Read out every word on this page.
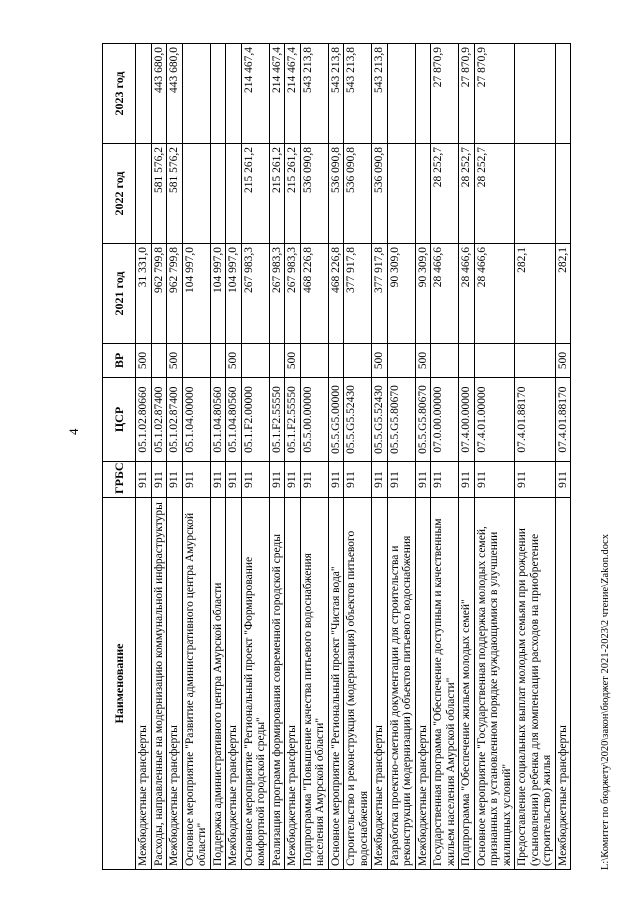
4
Наименование	ГРБС	ЦСР	ВР	2021 год	2022 год	2023 год
Межбюджетные трансферты	911	05.1.02.80660	500	31 331,0		
Расходы, направленные на модернизацию коммунальной инфраструктуры	911	05.1.02.87400		962 799,8	581 576,2	443 680,0
Межбюджетные трансферты	911	05.1.02.87400	500	962 799,8	581 576,2	443 680,0
Основное мероприятие "Развитие административного центра Амурской области"	911	05.1.04.00000		104 997,0		
Поддержка административного центра Амурской области	911	05.1.04.80560		104 997,0		
Межбюджетные трансферты	911	05.1.04.80560	500	104 997,0		
Основное мероприятие "Региональный проект "Формирование комфортной городской среды"	911	05.1.F2.00000		267 983,3	215 261,2	214 467,4
Реализация программ формирования современной городской среды	911	05.1.F2.55550		267 983,3	215 261,2	214 467,4
Межбюджетные трансферты	911	05.1.F2.55550	500	267 983,3	215 261,2	214 467,4
Подпрограмма "Повышение качества питьевого водоснабжения населения Амурской области"	911	05.5.00.00000		468 226,8	536 090,8	543 213,8
Основное мероприятие "Региональный проект "Чистая вода"	911	05.5.G5.00000		468 226,8	536 090,8	543 213,8
Строительство и реконструкция (модернизация) объектов питьевого водоснабжения	911	05.5.G5.52430		377 917,8	536 090,8	543 213,8
Межбюджетные трансферты	911	05.5.G5.52430	500	377 917,8	536 090,8	543 213,8
Разработка проектно-сметной документации для строительства и реконструкции (модернизации) объектов питьевого водоснабжения	911	05.5.G5.80670		90 309,0		
Межбюджетные трансферты	911	05.5.G5.80670	500	90 309,0		
Государственная программа "Обеспечение доступным и качественным жильем населения Амурской области"	911	07.0.00.00000		28 466,6	28 252,7	27 870,9
Подпрограмма "Обеспечение жильем молодых семей"	911	07.4.00.00000		28 466,6	28 252,7	27 870,9
Основное мероприятие "Государственная поддержка молодых семей, признанных в установленном порядке нуждающимися в улучшении жилищных условий"	911	07.4.01.00000		28 466,6	28 252,7	27 870,9
Предоставление социальных выплат молодым семьям при рождении (усыновлении) ребенка для компенсации расходов на приобретение (строительство) жилья	911	07.4.01.88170		282,1		
Межбюджетные трансферты	911	07.4.01.88170	500	282,1		
L:\Комитет по бюджету\2020\закон\бюджет 2021-2023\2 чтение\Zakon.docx
